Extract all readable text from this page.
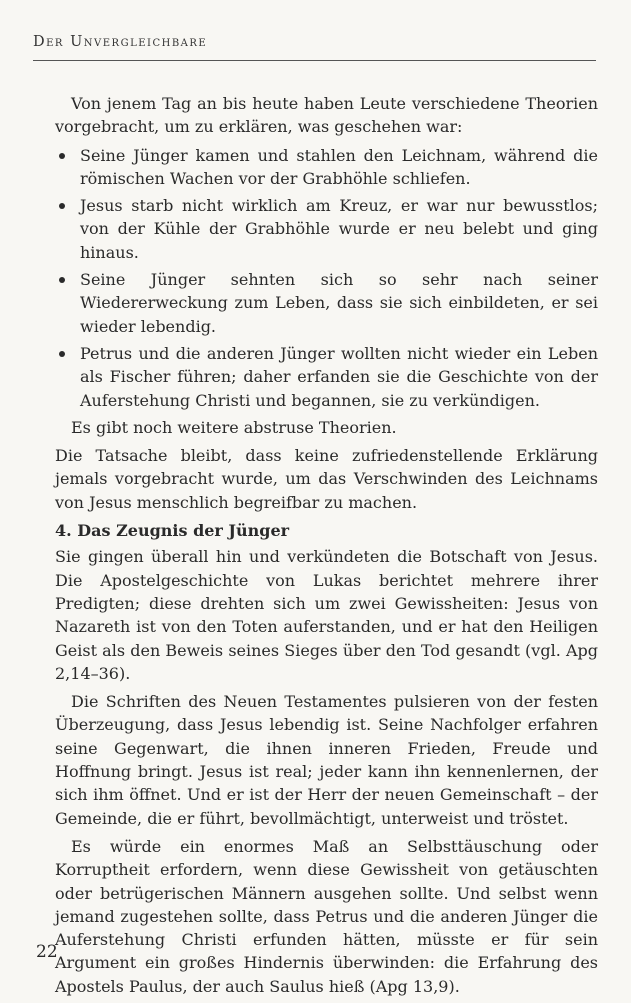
Der Unvergleichbare

Von jenem Tag an bis heute haben Leute verschiedene Theorien vorgebracht, um zu erklären, was geschehen war:

Seine Jünger kamen und stahlen den Leichnam, während die römischen Wachen vor der Grabhöhle schliefen.
Jesus starb nicht wirklich am Kreuz, er war nur bewusstlos; von der Kühle der Grabhöhle wurde er neu belebt und ging hinaus.
Seine Jünger sehnten sich so sehr nach seiner Wiedererweckung zum Leben, dass sie sich einbildeten, er sei wieder lebendig.
Petrus und die anderen Jünger wollten nicht wieder ein Leben als Fischer führen; daher erfanden sie die Geschichte von der Auferstehung Christi und begannen, sie zu verkündigen.

Es gibt noch weitere abstruse Theorien.

Die Tatsache bleibt, dass keine zufriedenstellende Erklärung jemals vorgebracht wurde, um das Verschwinden des Leichnams von Jesus menschlich begreifbar zu machen.

4. Das Zeugnis der Jünger

Sie gingen überall hin und verkündeten die Botschaft von Jesus. Die Apostelgeschichte von Lukas berichtet mehrere ihrer Predigten; diese drehten sich um zwei Gewissheiten: Jesus von Nazareth ist von den Toten auferstanden, und er hat den Heiligen Geist als den Beweis seines Sieges über den Tod gesandt (vgl. Apg 2,14–36).

Die Schriften des Neuen Testamentes pulsieren von der festen Überzeugung, dass Jesus lebendig ist. Seine Nachfolger erfahren seine Gegenwart, die ihnen inneren Frieden, Freude und Hoffnung bringt. Jesus ist real; jeder kann ihn kennenlernen, der sich ihm öffnet. Und er ist der Herr der neuen Gemeinschaft – der Gemeinde, die er führt, bevollmächtigt, unterweist und tröstet.

Es würde ein enormes Maß an Selbsttäuschung oder Korruptheit erfordern, wenn diese Gewissheit von getäuschten oder betrügerischen Männern ausgehen sollte. Und selbst wenn jemand zugestehen sollte, dass Petrus und die anderen Jünger die Auferstehung Christi erfunden hätten, müsste er für sein Argument ein großes Hindernis überwinden: die Erfahrung des Apostels Paulus, der auch Saulus hieß (Apg 13,9).

22
